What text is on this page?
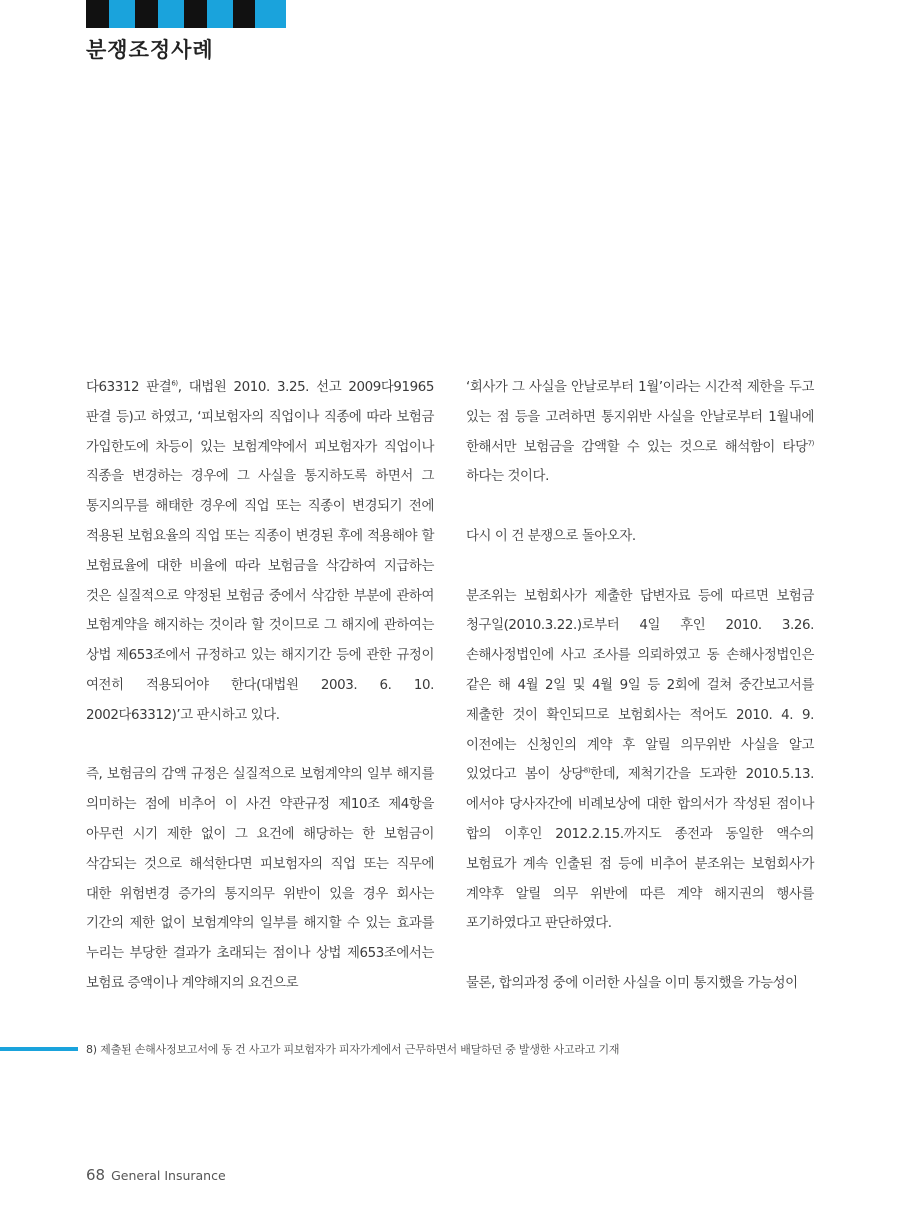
분쟁조정사례

다63312 판결$^{6)}$, 대법원 2010. 3.25. 선고 2009다91965 판결 등)고 하였고, ‘피보험자의 직업이나 직종에 따라 보험금 가입한도에 차등이 있는 보험계약에서 피보험자가 직업이나 직종을 변경하는 경우에 그 사실을 통지하도록 하면서 그 통지의무를 해태한 경우에 직업 또는 직종이 변경되기 전에 적용된 보험요율의 직업 또는 직종이 변경된 후에 적용해야 할 보험료율에 대한 비율에 따라 보험금을 삭감하여 지급하는 것은 실질적으로 약정된 보험금 중에서 삭감한 부분에 관하여 보험계약을 해지하는 것이라 할 것이므로 그 해지에 관하여는 상법 제653조에서 규정하고 있는 해지기간 등에 관한 규정이 여전히 적용되어야 한다(대법원 2003. 6. 10. 2002다63312)’고 판시하고 있다.

즉, 보험금의 감액 규정은 실질적으로 보험계약의 일부 해지를 의미하는 점에 비추어 이 사건 약관규정 제10조 제4항을 아무런 시기 제한 없이 그 요건에 해당하는 한 보험금이 삭감되는 것으로 해석한다면 피보험자의 직업 또는 직무에 대한 위험변경 증가의 통지의무 위반이 있을 경우 회사는 기간의 제한 없이 보험계약의 일부를 해지할 수 있는 효과를 누리는 부당한 결과가 초래되는 점이나 상법 제653조에서는 보험료 증액이나 계약해지의 요건으로

‘회사가 그 사실을 안날로부터 1월’이라는 시간적 제한을 두고 있는 점 등을 고려하면 통지위반 사실을 안날로부터 1월내에 한해서만 보험금을 감액할 수 있는 것으로 해석함이 타당$^{7)}$하다는 것이다.

다시 이 건 분쟁으로 돌아오자.

분조위는 보험회사가 제출한 답변자료 등에 따르면 보험금 청구일(2010.3.22.)로부터 4일 후인 2010. 3.26. 손해사정법인에 사고 조사를 의뢰하였고 동 손해사정법인은 같은 해 4월 2일 및 4월 9일 등 2회에 걸쳐 중간보고서를 제출한 것이 확인되므로 보험회사는 적어도 2010. 4. 9. 이전에는 신청인의 계약 후 알릴 의무위반 사실을 알고 있었다고 봄이 상당$^{8)}$한데, 제척기간을 도과한 2010.5.13.에서야 당사자간에 비례보상에 대한 합의서가 작성된 점이나 합의 이후인 2012.2.15.까지도 종전과 동일한 액수의 보험료가 계속 인출된 점 등에 비추어 분조위는 보험회사가 계약후 알릴 의무 위반에 따른 계약 해지권의 행사를 포기하였다고 판단하였다.

물론, 합의과정 중에 이러한 사실을 이미 통지했을 가능성이

8) 제출된 손해사정보고서에 동 건 사고가 피보험자가 피자가게에서 근무하면서 배달하던 중 발생한 사고라고 기재

68 General Insurance
